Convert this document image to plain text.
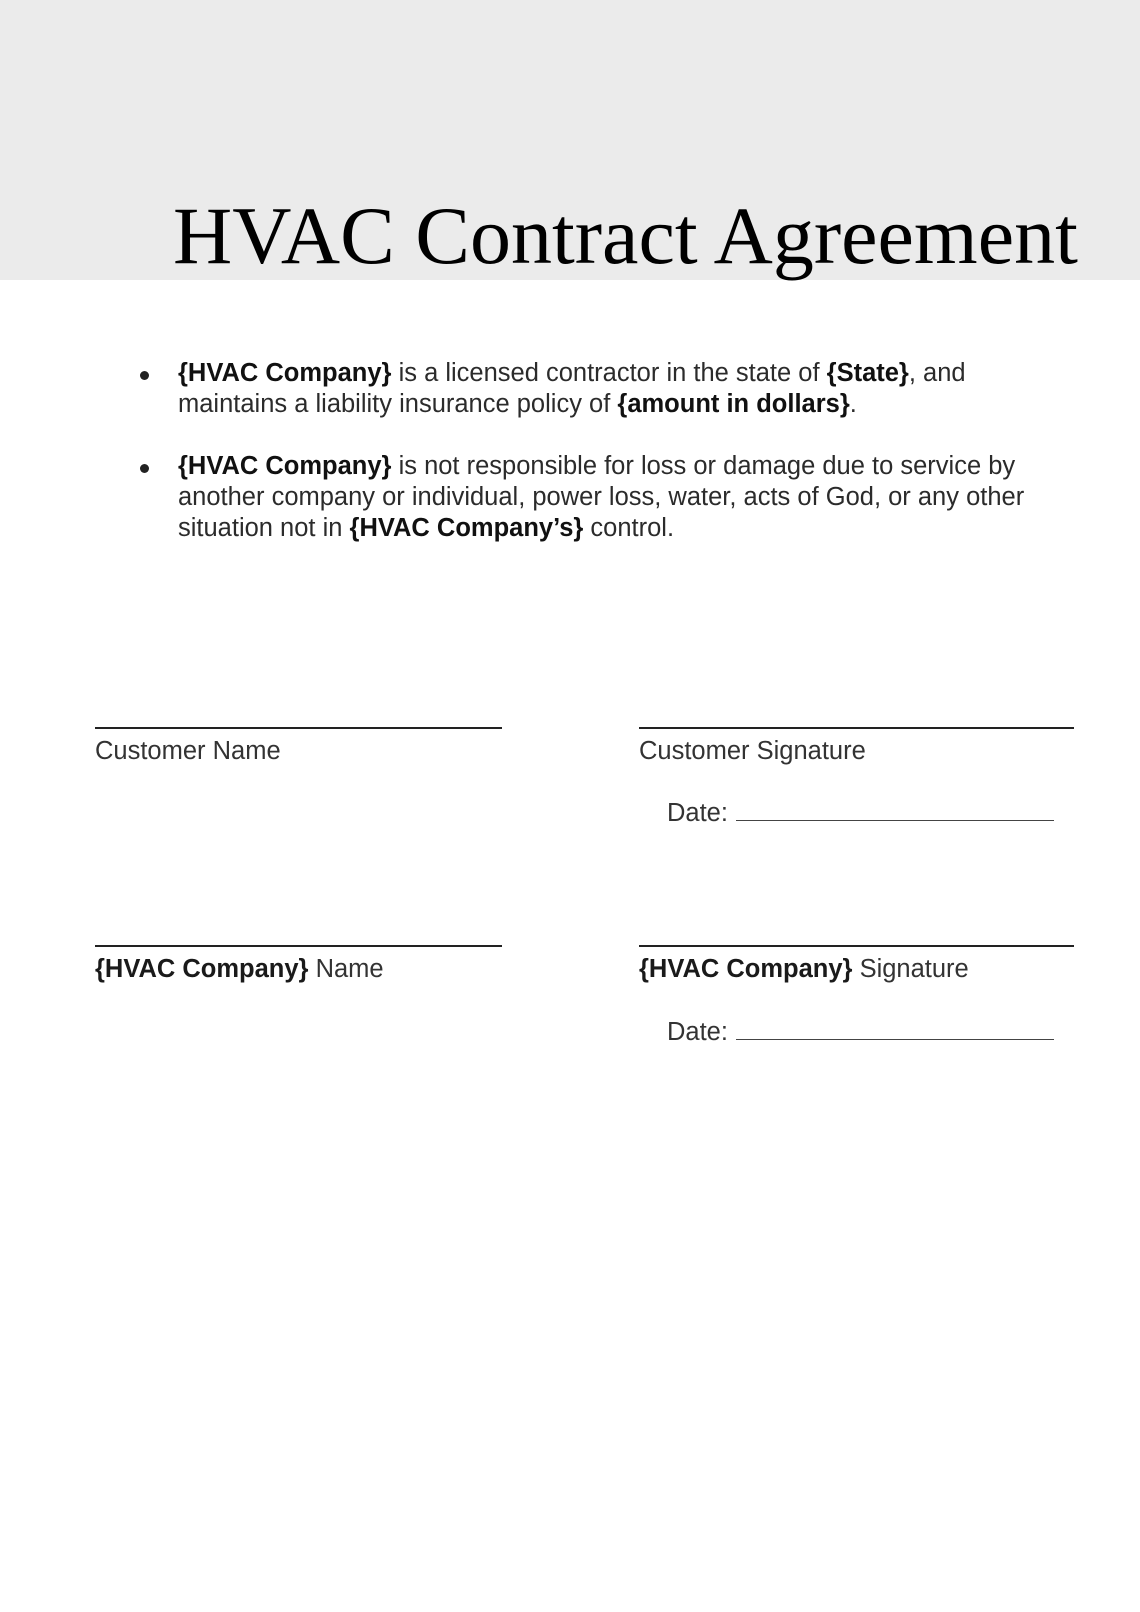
HVAC Contract Agreement
{HVAC Company} is a licensed contractor in the state of {State}, and maintains a liability insurance policy of {amount in dollars}.
{HVAC Company} is not responsible for loss or damage due to service by another company or individual, power loss, water, acts of God, or any other situation not in {HVAC Company’s} control.
Customer Name	Customer Signature
Date:
{HVAC Company} Name	{HVAC Company} Signature
Date:
